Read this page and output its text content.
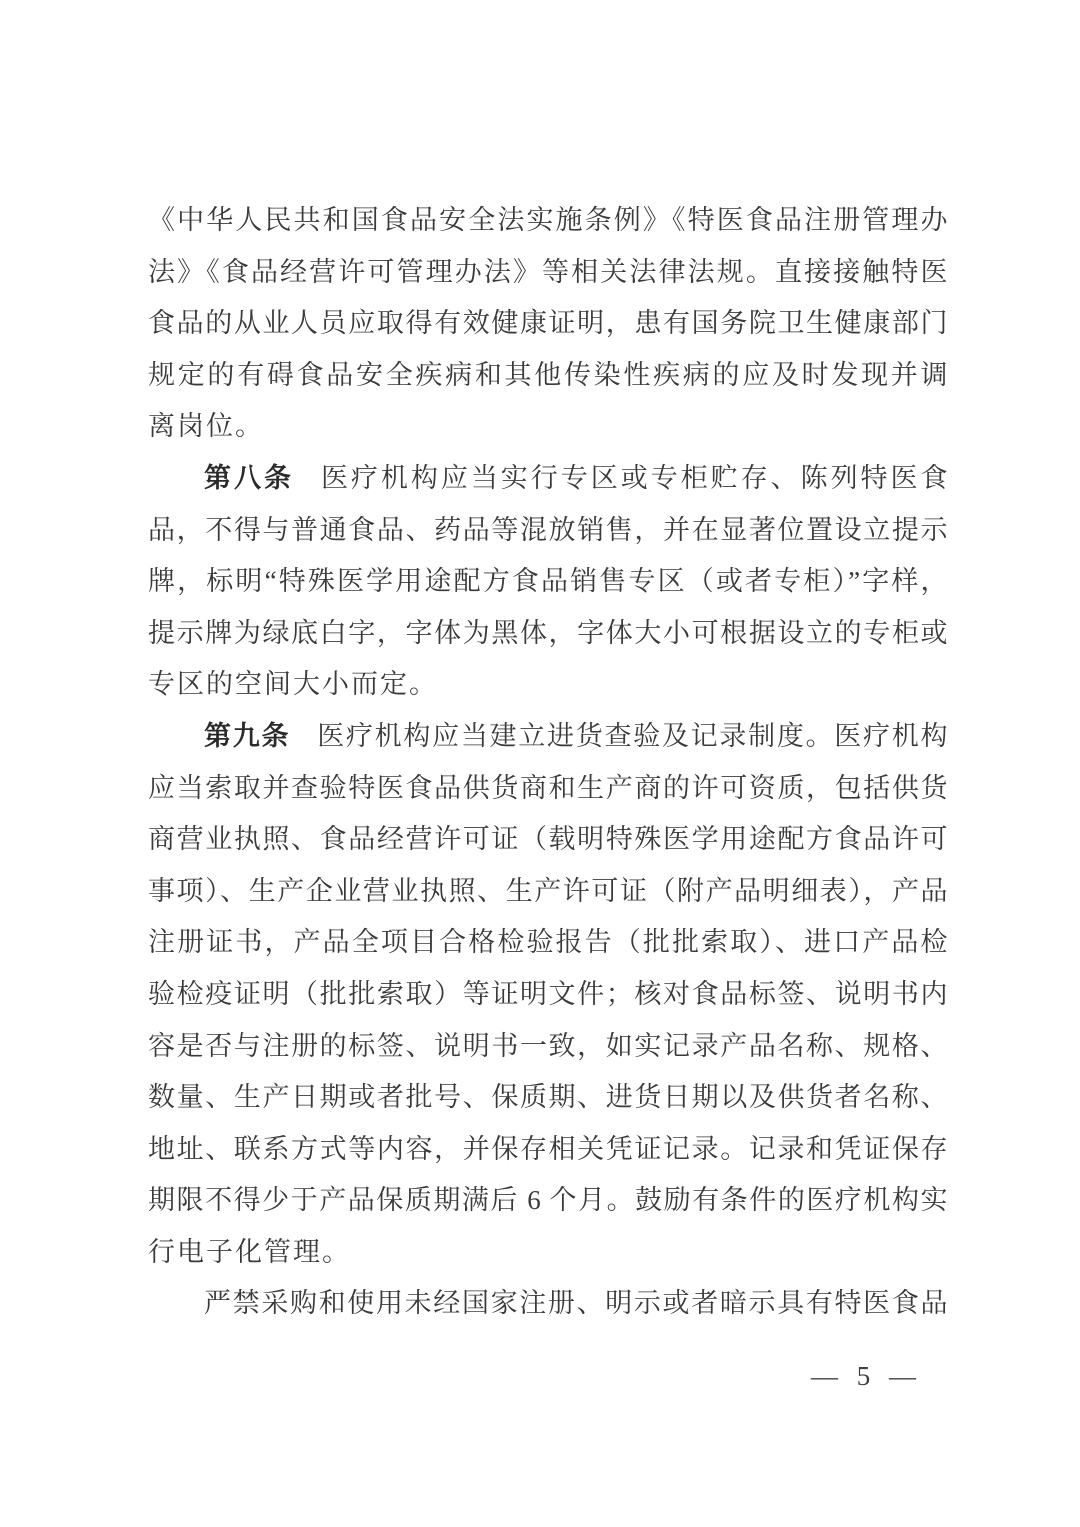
《中华人民共和国食品安全法实施条例》《特医食品注册管理办
法》《食品经营许可管理办法》等相关法律法规。直接接触特医
食品的从业人员应取得有效健康证明，患有国务院卫生健康部门
规定的有碍食品安全疾病和其他传染性疾病的应及时发现并调
离岗位。
第八条 医疗机构应当实行专区或专柜贮存、陈列特医食
品，不得与普通食品、药品等混放销售，并在显著位置设立提示
牌，标明“特殊医学用途配方食品销售专区（或者专柜）”字样，
提示牌为绿底白字，字体为黑体，字体大小可根据设立的专柜或
专区的空间大小而定。
第九条 医疗机构应当建立进货查验及记录制度。医疗机构
应当索取并查验特医食品供货商和生产商的许可资质，包括供货
商营业执照、食品经营许可证（载明特殊医学用途配方食品许可
事项）、生产企业营业执照、生产许可证（附产品明细表），产品
注册证书，产品全项目合格检验报告（批批索取）、进口产品检
验检疫证明（批批索取）等证明文件；核对食品标签、说明书内
容是否与注册的标签、说明书一致，如实记录产品名称、规格、
数量、生产日期或者批号、保质期、进货日期以及供货者名称、
地址、联系方式等内容，并保存相关凭证记录。记录和凭证保存
期限不得少于产品保质期满后 6 个月。鼓励有条件的医疗机构实
行电子化管理。
严禁采购和使用未经国家注册、明示或者暗示具有特医食品
— 5 —
